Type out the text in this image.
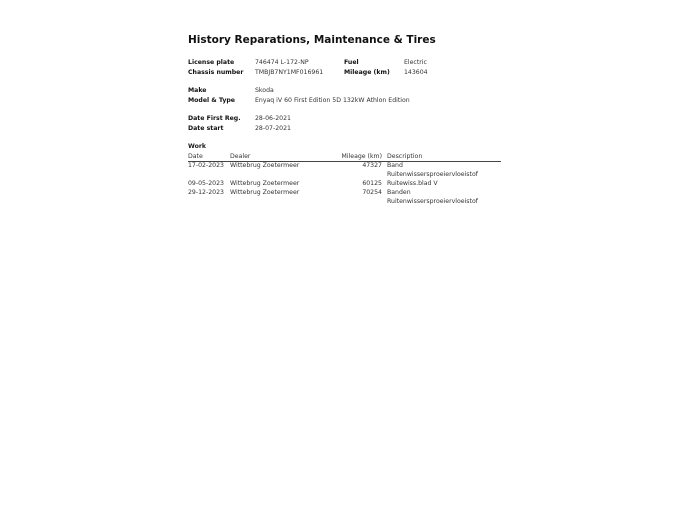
History Reparations, Maintenance & Tires
License plate	746474 L-172-NP	Fuel	Electric
Chassis number TMBJB7NY1MF016961	Mileage (km) 143604
Make	Skoda
Model & Type	Enyaq iV 60 First Edition 5D 132kW Athlon Edition
Date First Reg. 28-06-2021
Date start	28-07-2021
Work
Date	Dealer	Mileage (km)	Description
17-02-2023	Wittebrug Zoetermeer	47327	Band
			Ruitenwissersproeiervloeistof
09-05-2023	Wittebrug Zoetermeer	60125	Ruitewiss.blad V
29-12-2023	Wittebrug Zoetermeer	70254	Banden
			Ruitenwissersproeiervloeistof
